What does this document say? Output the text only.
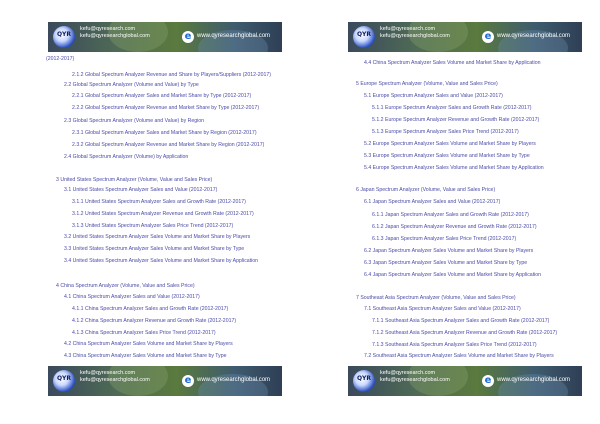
QYR
kefu@qyresearch.com
kefu@qyresearchglobal.com	e www.qyresearchglobal.com
(2012-2017)
2.1.2 Global Spectrum Analyzer Revenue and Share by Players/Suppliers (2012-2017)
2.2 Global Spectrum Analyzer (Volume and Value) by Type
2.2.1 Global Spectrum Analyzer Sales and Market Share by Type (2012-2017)
2.2.2 Global Spectrum Analyzer Revenue and Market Share by Type (2012-2017)
2.3 Global Spectrum Analyzer (Volume and Value) by Region
2.3.1 Global Spectrum Analyzer Sales and Market Share by Region (2012-2017)
2.3.2 Global Spectrum Analyzer Revenue and Market Share by Region (2012-2017)
2.4 Global Spectrum Analyzer (Volume) by Application
3 United States Spectrum Analyzer (Volume, Value and Sales Price)
3.1 United States Spectrum Analyzer Sales and Value (2012-2017)
3.1.1 United States Spectrum Analyzer Sales and Growth Rate (2012-2017)
3.1.2 United States Spectrum Analyzer Revenue and Growth Rate (2012-2017)
3.1.3 United States Spectrum Analyzer Sales Price Trend (2012-2017)
3.2 United States Spectrum Analyzer Sales Volume and Market Share by Players
3.3 United States Spectrum Analyzer Sales Volume and Market Share by Type
3.4 United States Spectrum Analyzer Sales Volume and Market Share by Application
4 China Spectrum Analyzer (Volume, Value and Sales Price)
4.1 China Spectrum Analyzer Sales and Value (2012-2017)
4.1.1 China Spectrum Analyzer Sales and Growth Rate (2012-2017)
4.1.2 China Spectrum Analyzer Revenue and Growth Rate (2012-2017)
4.1.3 China Spectrum Analyzer Sales Price Trend (2012-2017)
4.2 China Spectrum Analyzer Sales Volume and Market Share by Players
4.3 China Spectrum Analyzer Sales Volume and Market Share by Type
QYR
kefu@qyresearch.com
kefu@qyresearchglobal.com	e www.qyresearchglobal.com
QYR
kefu@qyresearch.com
kefu@qyresearchglobal.com	e www.qyresearchglobal.com
4.4 China Spectrum Analyzer Sales Volume and Market Share by Application
5 Europe Spectrum Analyzer (Volume, Value and Sales Price)
5.1 Europe Spectrum Analyzer Sales and Value (2012-2017)
5.1.1 Europe Spectrum Analyzer Sales and Growth Rate (2012-2017)
5.1.2 Europe Spectrum Analyzer Revenue and Growth Rate (2012-2017)
5.1.3 Europe Spectrum Analyzer Sales Price Trend (2012-2017)
5.2 Europe Spectrum Analyzer Sales Volume and Market Share by Players
5.3 Europe Spectrum Analyzer Sales Volume and Market Share by Type
5.4 Europe Spectrum Analyzer Sales Volume and Market Share by Application
6 Japan Spectrum Analyzer (Volume, Value and Sales Price)
6.1 Japan Spectrum Analyzer Sales and Value (2012-2017)
6.1.1 Japan Spectrum Analyzer Sales and Growth Rate (2012-2017)
6.1.2 Japan Spectrum Analyzer Revenue and Growth Rate (2012-2017)
6.1.3 Japan Spectrum Analyzer Sales Price Trend (2012-2017)
6.2 Japan Spectrum Analyzer Sales Volume and Market Share by Players
6.3 Japan Spectrum Analyzer Sales Volume and Market Share by Type
6.4 Japan Spectrum Analyzer Sales Volume and Market Share by Application
7 Southeast Asia Spectrum Analyzer (Volume, Value and Sales Price)
7.1 Southeast Asia Spectrum Analyzer Sales and Value (2012-2017)
7.1.1 Southeast Asia Spectrum Analyzer Sales and Growth Rate (2012-2017)
7.1.2 Southeast Asia Spectrum Analyzer Revenue and Growth Rate (2012-2017)
7.1.3 Southeast Asia Spectrum Analyzer Sales Price Trend (2012-2017)
7.2 Southeast Asia Spectrum Analyzer Sales Volume and Market Share by Players
QYR
kefu@qyresearch.com
kefu@qyresearchglobal.com	e www.qyresearchglobal.com
